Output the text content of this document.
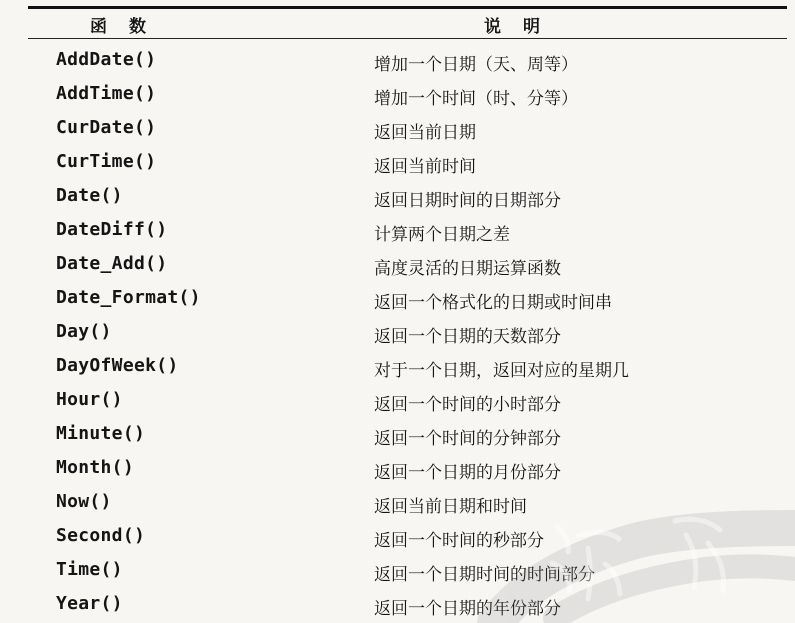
函数	说明
AddDate()	增加一个日期（天、周等）
AddTime()	增加一个时间（时、分等）
CurDate()	返回当前日期
CurTime()	返回当前时间
Date()	返回日期时间的日期部分
DateDiff()	计算两个日期之差
Date_Add()	高度灵活的日期运算函数
Date_Format()	返回一个格式化的日期或时间串
Day()	返回一个日期的天数部分
DayOfWeek()	对于一个日期，返回对应的星期几
Hour()	返回一个时间的小时部分
Minute()	返回一个时间的分钟部分
Month()	返回一个日期的月份部分
Now()	返回当前日期和时间
Second()	返回一个时间的秒部分
Time()	返回一个日期时间的时间部分
Year()	返回一个日期的年份部分
